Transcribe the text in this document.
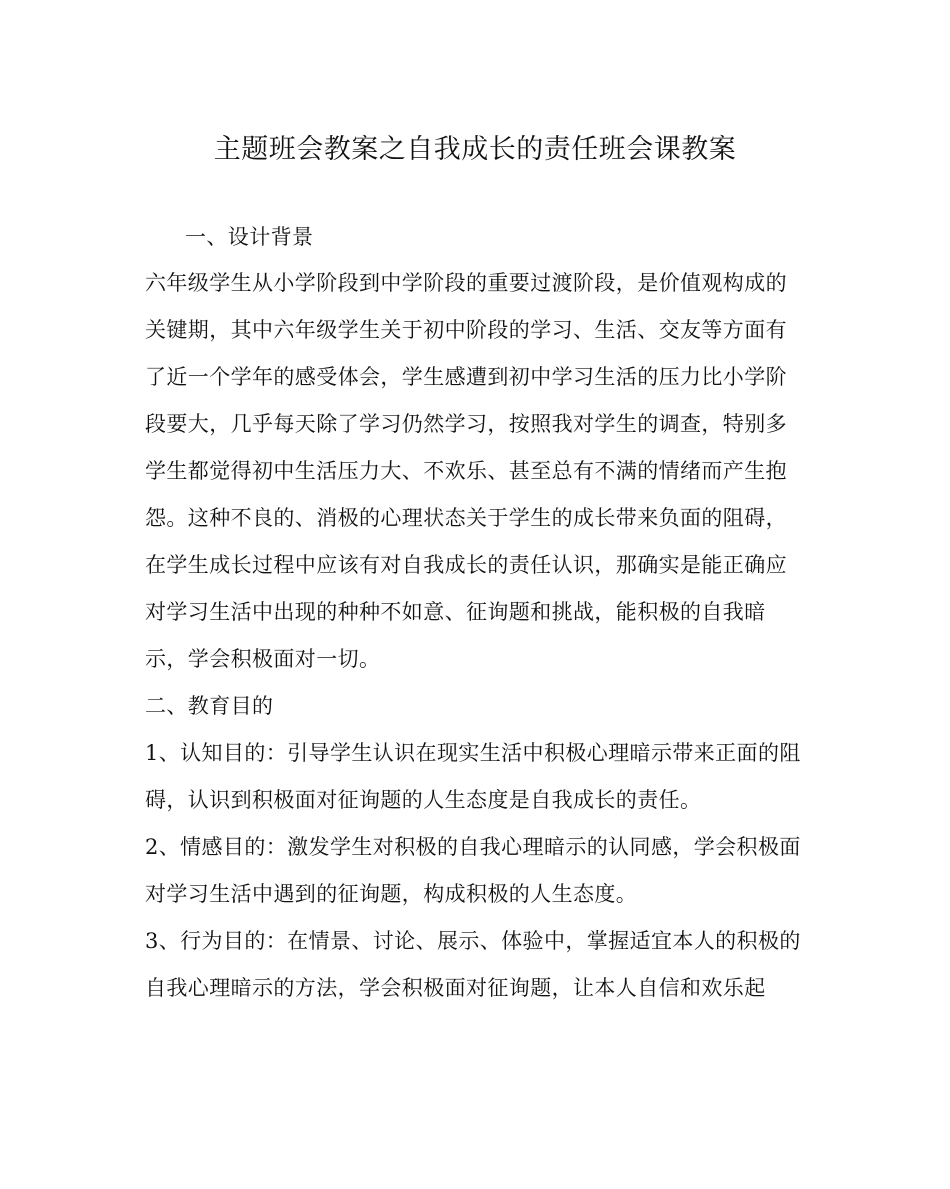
主题班会教案之自我成长的责任班会课教案
一、设计背景
六年级学生从小学阶段到中学阶段的重要过渡阶段，是价值观构成的
关键期，其中六年级学生关于初中阶段的学习、生活、交友等方面有
了近一个学年的感受体会，学生感遭到初中学习生活的压力比小学阶
段要大，几乎每天除了学习仍然学习，按照我对学生的调查，特别多
学生都觉得初中生活压力大、不欢乐、甚至总有不满的情绪而产生抱
怨。这种不良的、消极的心理状态关于学生的成长带来负面的阻碍，
在学生成长过程中应该有对自我成长的责任认识，那确实是能正确应
对学习生活中出现的种种不如意、征询题和挑战，能积极的自我暗
示，学会积极面对一切。
二、教育目的
1、认知目的：引导学生认识在现实生活中积极心理暗示带来正面的阻
碍，认识到积极面对征询题的人生态度是自我成长的责任。
2、情感目的：激发学生对积极的自我心理暗示的认同感，学会积极面
对学习生活中遇到的征询题，构成积极的人生态度。
3、行为目的：在情景、讨论、展示、体验中，掌握适宜本人的积极的
自我心理暗示的方法，学会积极面对征询题，让本人自信和欢乐起
